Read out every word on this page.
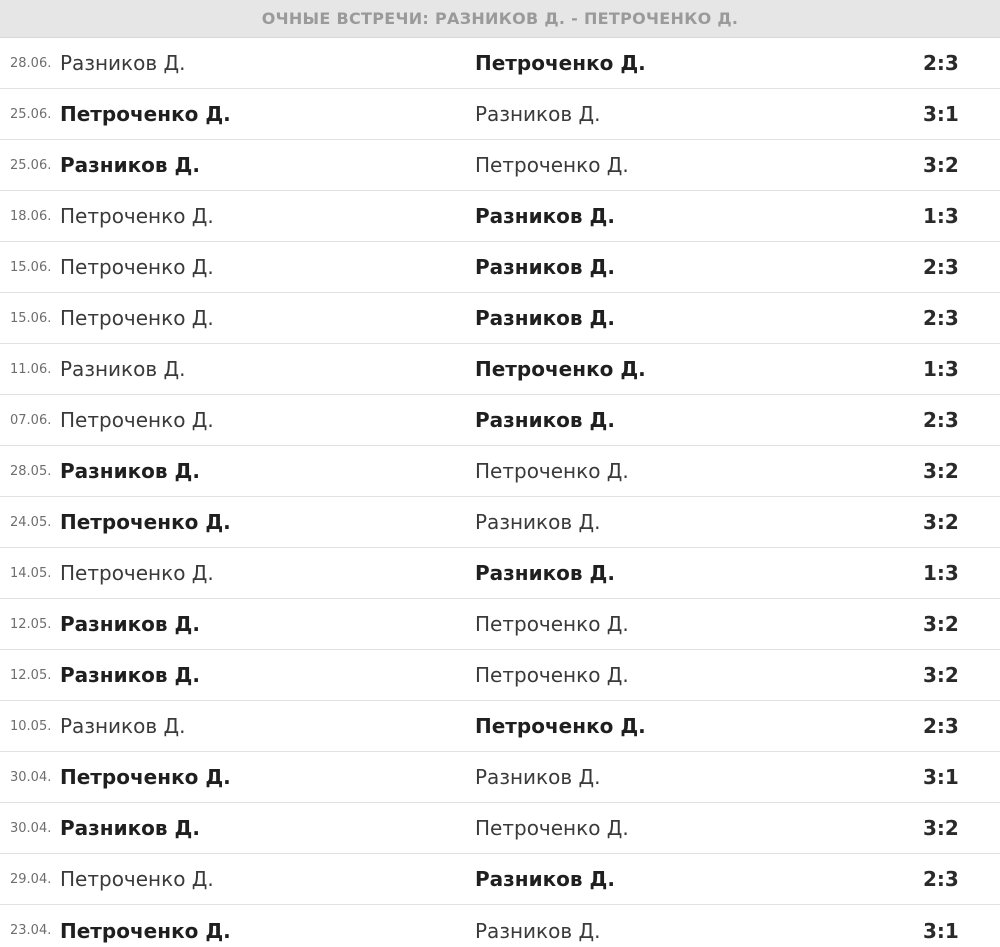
ОЧНЫЕ ВСТРЕЧИ: РАЗНИКОВ Д. - ПЕТРОЧЕНКО Д.
28.06. Разников Д.	Петроченко Д.	2:3
25.06. Петроченко Д.	Разников Д.	3:1
25.06. Разников Д.	Петроченко Д.	3:2
18.06. Петроченко Д.	Разников Д.	1:3
15.06. Петроченко Д.	Разников Д.	2:3
15.06. Петроченко Д.	Разников Д.	2:3
11.06. Разников Д.	Петроченко Д.	1:3
07.06. Петроченко Д.	Разников Д.	2:3
28.05. Разников Д.	Петроченко Д.	3:2
24.05. Петроченко Д.	Разников Д.	3:2
14.05. Петроченко Д.	Разников Д.	1:3
12.05. Разников Д.	Петроченко Д.	3:2
12.05. Разников Д.	Петроченко Д.	3:2
10.05. Разников Д.	Петроченко Д.	2:3
30.04. Петроченко Д.	Разников Д.	3:1
30.04. Разников Д.	Петроченко Д.	3:2
29.04. Петроченко Д.	Разников Д.	2:3
23.04. Петроченко Д.	Разников Д.	3:1
